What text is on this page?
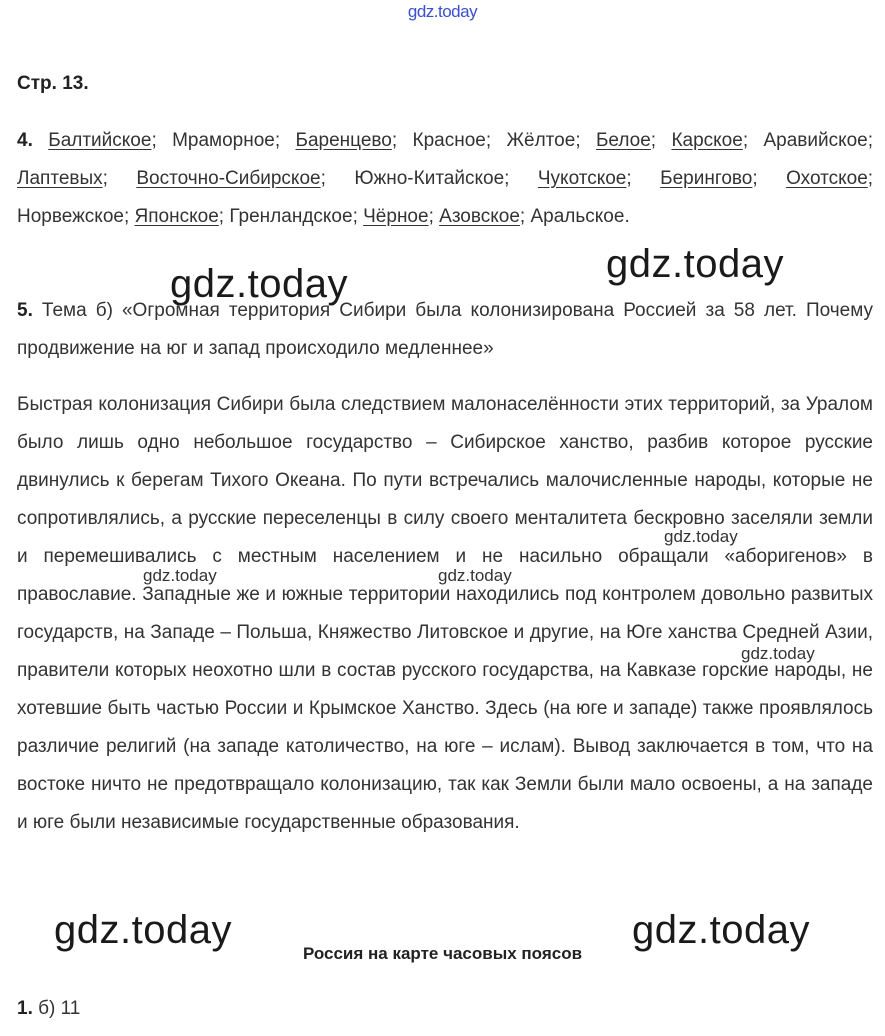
gdz.today
Стр. 13.
4. Балтийское; Мраморное; Баренцево; Красное; Жёлтое; Белое; Карское; Аравийское; Лаптевых; Восточно-Сибирское; Южно-Китайское; Чукотское; Берингово; Охотское; Норвежское; Японское; Гренландское; Чёрное; Азовское; Аральское.
5. Тема б) «Огромная территория Сибири была колонизирована Россией за 58 лет. Почему продвижение на юг и запад происходило медленнее»
Быстрая колонизация Сибири была следствием малонаселённости этих территорий, за Уралом было лишь одно небольшое государство – Сибирское ханство, разбив которое русские двинулись к берегам Тихого Океана. По пути встречались малочисленные народы, которые не сопротивлялись, а русские переселенцы в силу своего менталитета бескровно заселяли земли и перемешивались с местным населением и не насильно обращали «аборигенов» в православие. Западные же и южные территории находились под контролем довольно развитых государств, на Западе – Польша, Княжество Литовское и другие, на Юге ханства Средней Азии, правители которых неохотно шли в состав русского государства, на Кавказе горские народы, не хотевшие быть частью России и Крымское Ханство. Здесь (на юге и западе) также проявлялось различие религий (на западе католичество, на юге – ислам). Вывод заключается в том, что на востоке ничто не предотвращало колонизацию, так как Земли были мало освоены, а на западе и юге были независимые государственные образования.
Россия на карте часовых поясов
1. б) 11
gdz.today	gdz.today
gdz.today
gdz.today	gdz.today
gdz.today
gdz.today	gdz.today
